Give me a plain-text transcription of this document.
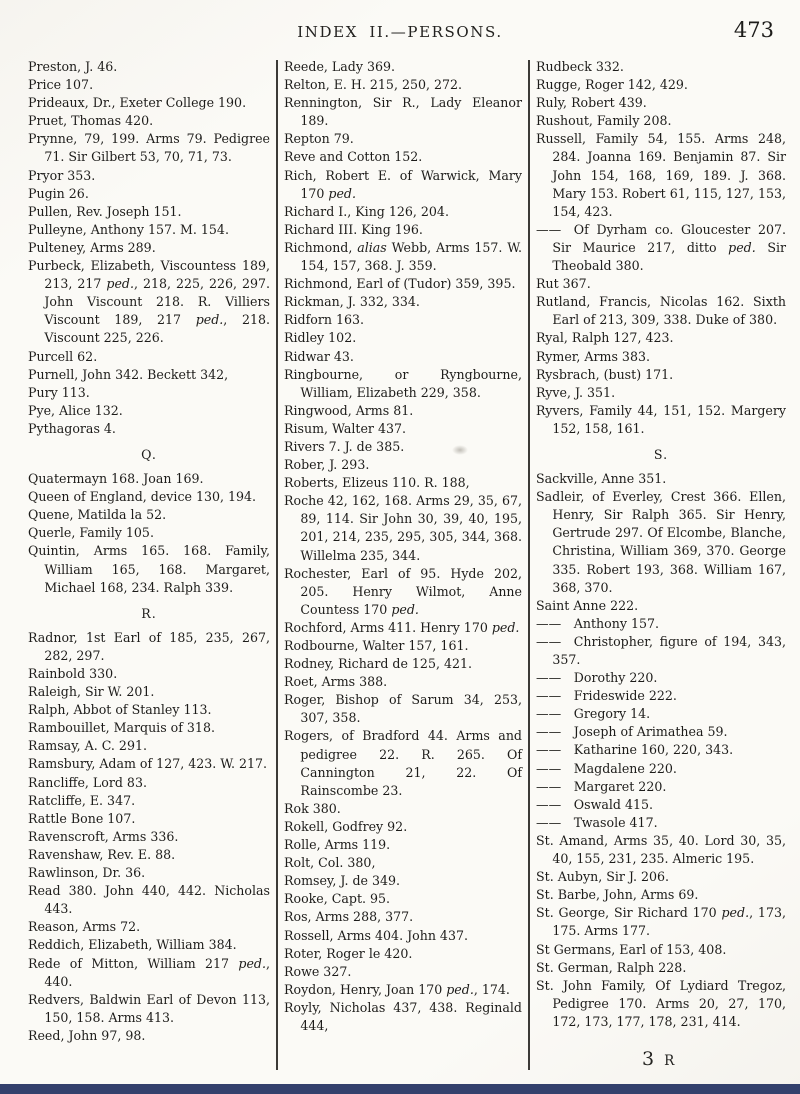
INDEX II.—PERSONS.	473
Preston, J. 46.
Price 107.
Prideaux, Dr., Exeter College 190.
Pruet, Thomas 420.
Prynne, 79, 199. Arms 79. Pedigree 71. Sir Gilbert 53, 70, 71, 73.
Pryor 353.
Pugin 26.
Pullen, Rev. Joseph 151.
Pulleyne, Anthony 157. M. 154.
Pulteney, Arms 289.
Purbeck, Elizabeth, Viscountess 189, 213, 217 ped., 218, 225, 226, 297. John Viscount 218. R. Villiers Viscount 189, 217 ped., 218. Viscount 225, 226.
Purcell 62.
Purnell, John 342. Beckett 342,
Pury 113.
Pye, Alice 132.
Pythagoras 4.
Q.
Quatermayn 168. Joan 169.
Queen of England, device 130, 194.
Quene, Matilda la 52.
Querle, Family 105.
Quintin, Arms 165. 168. Family, William 165, 168. Margaret, Michael 168, 234. Ralph 339.
R.
Radnor, 1st Earl of 185, 235, 267, 282, 297.
Rainbold 330.
Raleigh, Sir W. 201.
Ralph, Abbot of Stanley 113.
Rambouillet, Marquis of 318.
Ramsay, A. C. 291.
Ramsbury, Adam of 127, 423. W. 217.
Rancliffe, Lord 83.
Ratcliffe, E. 347.
Rattle Bone 107.
Ravenscroft, Arms 336.
Ravenshaw, Rev. E. 88.
Rawlinson, Dr. 36.
Read 380. John 440, 442. Nicholas 443.
Reason, Arms 72.
Reddich, Elizabeth, William 384.
Rede of Mitton, William 217 ped., 440.
Redvers, Baldwin Earl of Devon 113, 150, 158. Arms 413.
Reed, John 97, 98.
Reede, Lady 369.
Relton, E. H. 215, 250, 272.
Rennington, Sir R., Lady Eleanor 189.
Repton 79.
Reve and Cotton 152.
Rich, Robert E. of Warwick, Mary 170 ped.
Richard I., King 126, 204.
Richard III. King 196.
Richmond, alias Webb, Arms 157. W. 154, 157, 368. J. 359.
Richmond, Earl of (Tudor) 359, 395.
Rickman, J. 332, 334.
Ridforn 163.
Ridley 102.
Ridwar 43.
Ringbourne, or Ryngbourne, William, Elizabeth 229, 358.
Ringwood, Arms 81.
Risum, Walter 437.
Rivers 7. J. de 385.
Rober, J. 293.
Roberts, Elizeus 110. R. 188,
Roche 42, 162, 168. Arms 29, 35, 67, 89, 114. Sir John 30, 39, 40, 195, 201, 214, 235, 295, 305, 344, 368. Willelma 235, 344.
Rochester, Earl of 95. Hyde 202, 205. Henry Wilmot, Anne Countess 170 ped.
Rochford, Arms 411. Henry 170 ped.
Rodbourne, Walter 157, 161.
Rodney, Richard de 125, 421.
Roet, Arms 388.
Roger, Bishop of Sarum 34, 253, 307, 358.
Rogers, of Bradford 44. Arms and pedigree 22. R. 265. Of Cannington 21, 22. Of Rainscombe 23.
Rok 380.
Rokell, Godfrey 92.
Rolle, Arms 119.
Rolt, Col. 380,
Romsey, J. de 349.
Rooke, Capt. 95.
Ros, Arms 288, 377.
Rossell, Arms 404. John 437.
Roter, Roger le 420.
Rowe 327.
Roydon, Henry, Joan 170 ped., 174.
Royly, Nicholas 437, 438. Reginald 444,
Rudbeck 332.
Rugge, Roger 142, 429.
Ruly, Robert 439.
Rushout, Family 208.
Russell, Family 54, 155. Arms 248, 284. Joanna 169. Benjamin 87. Sir John 154, 168, 169, 189. J. 368. Mary 153. Robert 61, 115, 127, 153, 154, 423.
—— Of Dyrham co. Gloucester 207. Sir Maurice 217, ditto ped. Sir Theobald 380.
Rut 367.
Rutland, Francis, Nicolas 162. Sixth Earl of 213, 309, 338. Duke of 380.
Ryal, Ralph 127, 423.
Rymer, Arms 383.
Rysbrach, (bust) 171.
Ryve, J. 351.
Ryvers, Family 44, 151, 152. Margery 152, 158, 161.
S.
Sackville, Anne 351.
Sadleir, of Everley, Crest 366. Ellen, Henry, Sir Ralph 365. Sir Henry, Gertrude 297. Of Elcombe, Blanche, Christina, William 369, 370. George 335. Robert 193, 368. William 167, 368, 370.
Saint Anne 222.
—— Anthony 157.
—— Christopher, figure of 194, 343, 357.
—— Dorothy 220.
—— Frideswide 222.
—— Gregory 14.
—— Joseph of Arimathea 59.
—— Katharine 160, 220, 343.
—— Magdalene 220.
—— Margaret 220.
—— Oswald 415.
—— Twasole 417.
St. Amand, Arms 35, 40. Lord 30, 35, 40, 155, 231, 235. Almeric 195.
St. Aubyn, Sir J. 206.
St. Barbe, John, Arms 69.
St. George, Sir Richard 170 ped., 173, 175. Arms 177.
St Germans, Earl of 153, 408.
St. German, Ralph 228.
St. John Family, Of Lydiard Tregoz, Pedigree 170. Arms 20, 27, 170, 172, 173, 177, 178, 231, 414.
3 R
